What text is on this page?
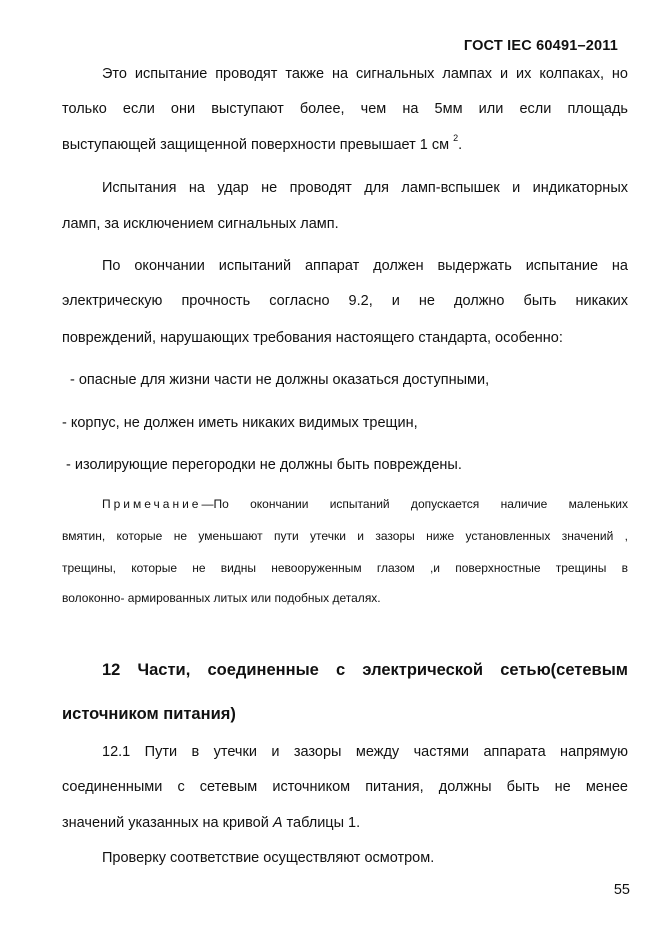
ГОСТ IEC 60491–2011
Это испытание проводят также на сигнальных лампах и их колпаках, но
только если они выступают более, чем на 5мм или если площадь
выступающей защищенной поверхности превышает 1 см $^2$.
Испытания на удар не проводят для ламп-вспышек и индикаторных
ламп, за исключением сигнальных ламп.
По окончании испытаний аппарат должен выдержать испытание на
электрическую прочность согласно 9.2, и не должно быть никаких
повреждений, нарушающих требования настоящего стандарта, особенно:
- опасные для жизни части не должны оказаться доступными,
- корпус, не должен иметь никаких видимых трещин,
- изолирующие перегородки не должны быть повреждены.
Примечание—По окончании испытаний допускается наличие маленьких
вмятин, которые не уменьшают пути утечки и зазоры ниже установленных значений ,
трещины, которые не видны невооруженным глазом ,и поверхностные трещины в
волоконно- армированных литых или подобных деталях.
12 Части, соединенные с электрической сетью(сетевым
источником питания)
12.1 Пути в утечки и зазоры между частями аппарата напрямую
соединенными с сетевым источником питания, должны быть не менее
значений указанных на кривой А таблицы 1.
Проверку соответствие осуществляют осмотром.
55
